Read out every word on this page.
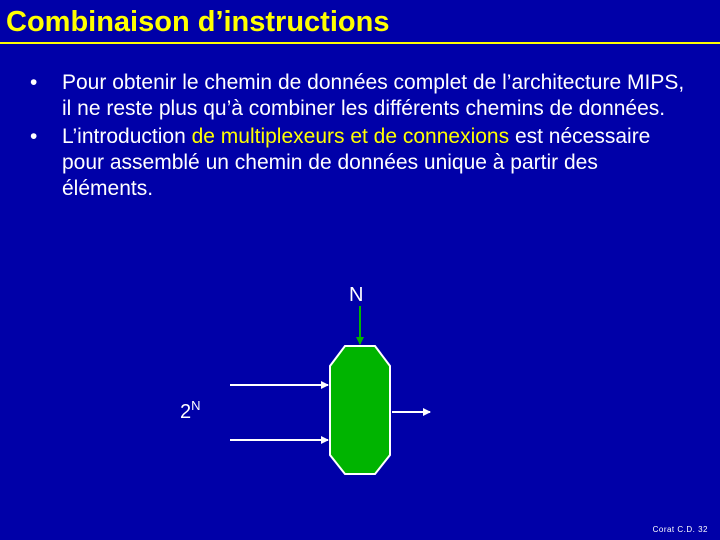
Combinaison d’instructions
• Pour obtenir le chemin de données complet de l’architecture MIPS, il ne reste plus qu’à combiner les différents chemins de données.
• L’introduction de multiplexeurs et de connexions est nécessaire pour assemblé un chemin de données unique à partir des éléments.
N
$2^N$
Corat C.D. 32
